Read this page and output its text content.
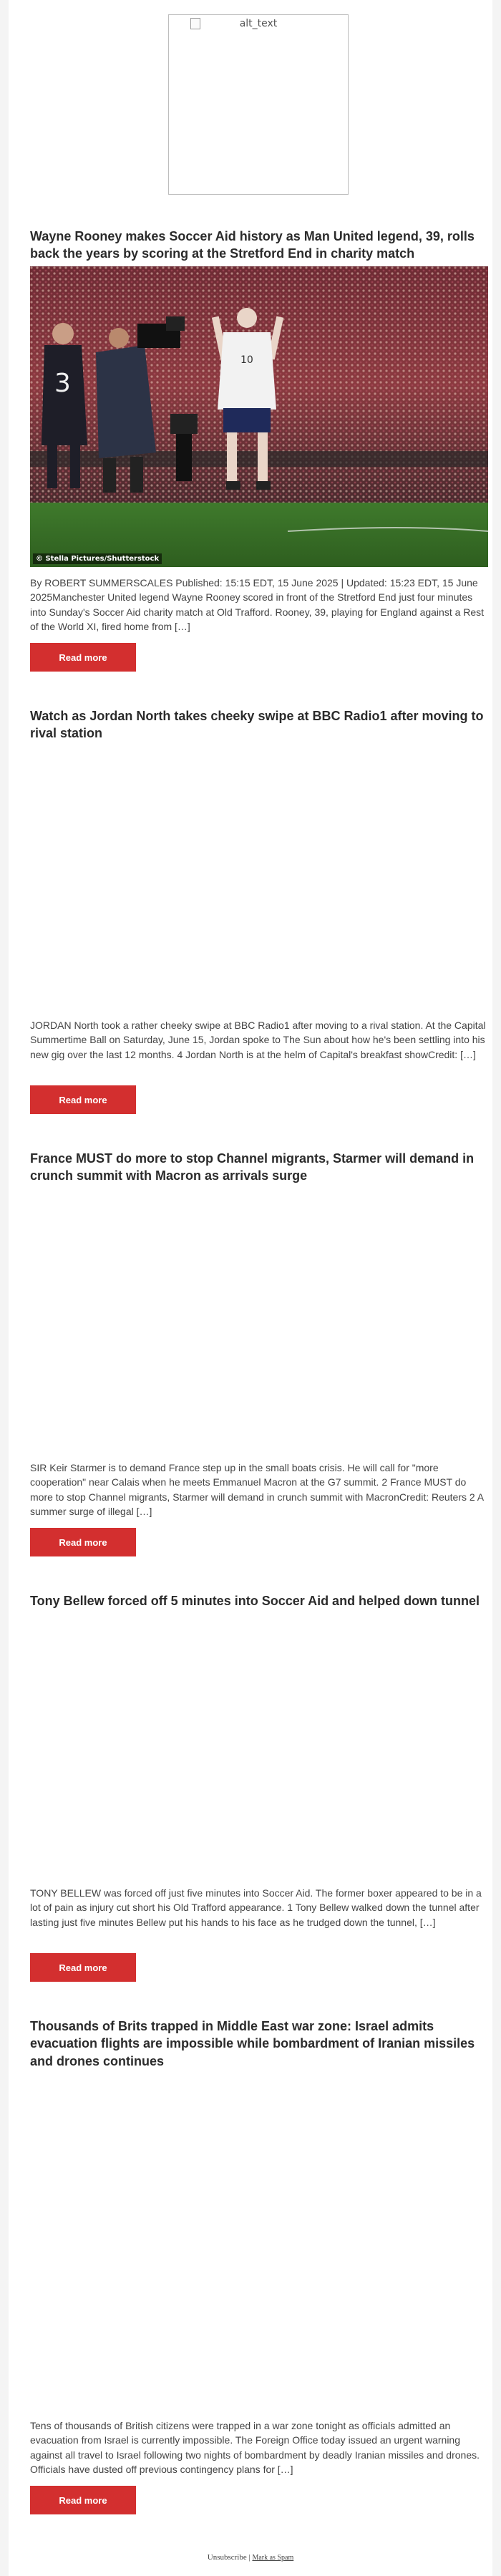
alt_text
Wayne Rooney makes Soccer Aid history as Man United legend, 39, rolls back the years by scoring at the Stretford End in charity match
10
3
© Stella Pictures/Shutterstock

By ROBERT SUMMERSCALES Published: 15:15 EDT, 15 June 2025 | Updated: 15:23 EDT, 15 June 2025Manchester United legend Wayne Rooney scored in front of the Stretford End just four minutes into Sunday's Soccer Aid charity match at Old Trafford. Rooney, 39, playing for England against a Rest of the World XI, fired home from […]

Read more
Watch as Jordan North takes cheeky swipe at BBC Radio1 after moving to rival station

JORDAN North took a rather cheeky swipe at BBC Radio1 after moving to a rival station. At the Capital Summertime Ball on Saturday, June 15, Jordan spoke to The Sun about how he's been settling into his new gig over the last 12 months. 4 Jordan North is at the helm of Capital's breakfast showCredit: […]

Read more
France MUST do more to stop Channel migrants, Starmer will demand in crunch summit with Macron as arrivals surge

SIR Keir Starmer is to demand France step up in the small boats crisis. He will call for "more cooperation" near Calais when he meets Emmanuel Macron at the G7 summit. 2 France MUST do more to stop Channel migrants, Starmer will demand in crunch summit with MacronCredit: Reuters 2 A summer surge of illegal […]

Read more
Tony Bellew forced off 5 minutes into Soccer Aid and helped down tunnel

TONY BELLEW was forced off just five minutes into Soccer Aid. The former boxer appeared to be in a lot of pain as injury cut short his Old Trafford appearance. 1 Tony Bellew walked down the tunnel after lasting just five minutes Bellew put his hands to his face as he trudged down the tunnel, […]

Read more
Thousands of Brits trapped in Middle East war zone: Israel admits evacuation flights are impossible while bombardment of Iranian missiles and drones continues

Tens of thousands of British citizens were trapped in a war zone tonight as officials admitted an evacuation from Israel is currently impossible. The Foreign Office today issued an urgent warning against all travel to Israel following two nights of bombardment by deadly Iranian missiles and drones. Officials have dusted off previous contingency plans for […]

Read more
Unsubscribe | Mark as Spam
